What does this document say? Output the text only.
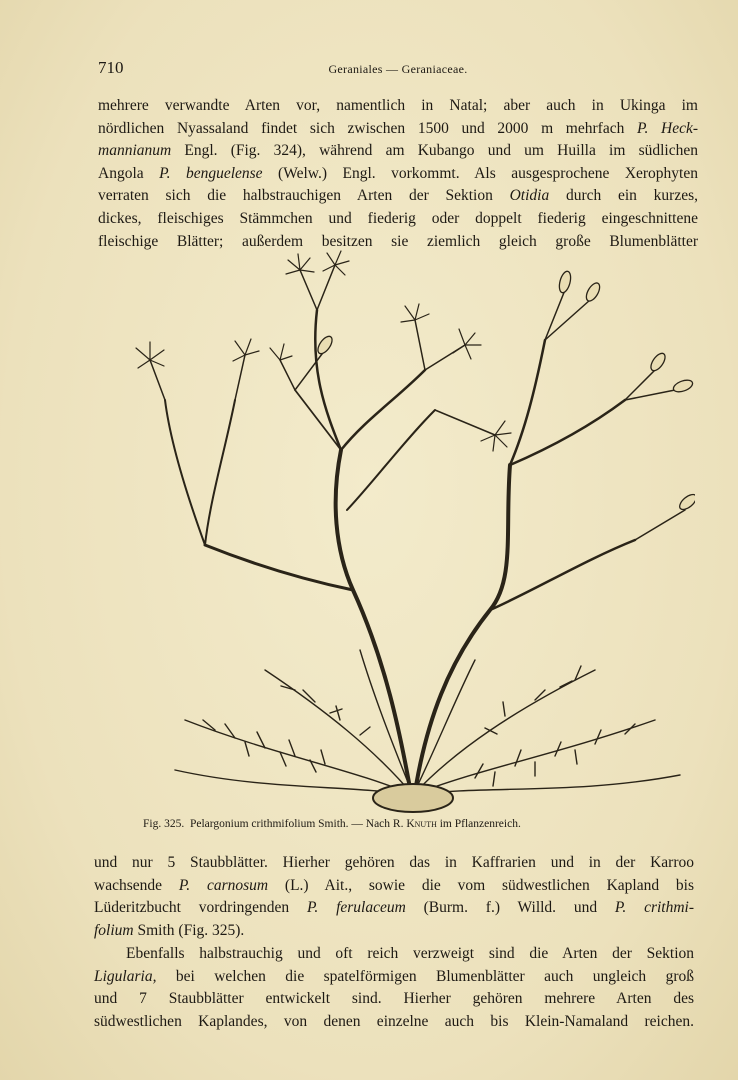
710	Geraniales — Geraniaceae.
mehrere verwandte Arten vor, namentlich in Natal; aber auch in Ukinga im
nördlichen Nyassaland findet sich zwischen 1500 und 2000 m mehrfach P. Heck-
mannianum Engl. (Fig. 324), während am Kubango und um Huilla im südlichen
Angola P. benguelense (Welw.) Engl. vorkommt. Als ausgesprochene Xerophyten
verraten sich die halbstrauchigen Arten der Sektion Otidia durch ein kurzes,
dickes, fleischiges Stämmchen und fiederig oder doppelt fiederig eingeschnittene
fleischige Blätter; außerdem besitzen sie ziemlich gleich große Blumenblätter
Fig. 325. Pelargonium crithmifolium Smith. — Nach R. Knuth im Pflanzenreich.
und nur 5 Staubblätter. Hierher gehören das in Kaffrarien und in der Karroo
wachsende P. carnosum (L.) Ait., sowie die vom südwestlichen Kapland bis
Lüderitzbucht vordringenden P. ferulaceum (Burm. f.) Willd. und P. crithmi-
folium Smith (Fig. 325).
Ebenfalls halbstrauchig und oft reich verzweigt sind die Arten der Sektion
Ligularia, bei welchen die spatelförmigen Blumenblätter auch ungleich groß
und 7 Staubblätter entwickelt sind. Hierher gehören mehrere Arten des
südwestlichen Kaplandes, von denen einzelne auch bis Klein-Namaland reichen.
